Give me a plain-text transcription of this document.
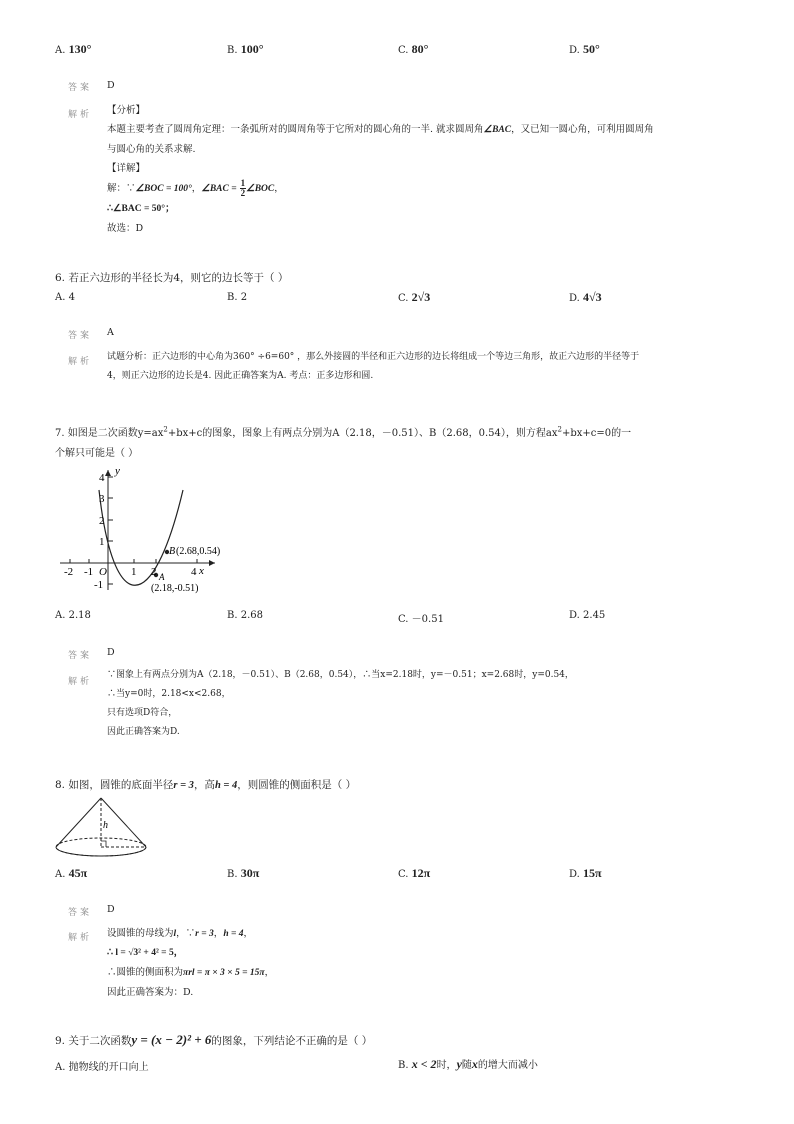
A. 130°	B. 100°	C. 80°	D. 50°
答案 D
解析 【分析】
本题主要考查了圆周角定理：一条弧所对的圆周角等于它所对的圆心角的一半. 就求圆周角∠BAC，又已知一圆心角，可利用圆周角
与圆心角的关系求解.
【详解】
解：∵∠BOC = 100°，∠BAC = $\frac{1}{2}$ ∠BOC，
∴∠BAC = 50°；
故选：D
6. 若正六边形的半径长为4，则它的边长等于（ ）
A. 4	B. 2	C. 2√3	D. 4√3
答案 A
解析 试题分析：正六边形的中心角为360° ÷6=60° ，那么外接圆的半径和正六边形的边长将组成一个等边三角形，故正六边形的半径等于
4，则正六边形的边长是4. 因此正确答案为A. 考点：正多边形和圆.
7. 如图是二次函数$y=ax^2+bx+c$的图象，图象上有两点分别为A（2.18，－0.51）、B（2.68，0.54），则方程$ax^2+bx+c=0$的一
个解只可能是（ ）
y
x
O
-2 -1	1 2	4
4
3
2
1
-1
B (2.68,0.54)
A
(2.18,-0.51)
A. 2.18	B. 2.68	C. －0.51	D. 2.45
答案 D
解析
∵图象上有两点分别为A（2.18，－0.51）、B（2.68，0.54），∴当x=2.18时，y=－0.51；x=2.68时，y=0.54，
∴当y=0时，2.18<x<2.68，
只有选项D符合，
因此正确答案为D.
8. 如图，圆锥的底面半径r = 3，高h = 4，则圆锥的侧面积是（ ）
h
A. 45π	B. 30π	C. 12π	D. 15π
答案 D
解析 设圆锥的母线为l，∵r = 3，h = 4，
∴ l = √3² + 4² = 5，
∴圆锥的侧面积为πrl = π × 3 × 5 = 15π，
因此正确答案为：D.
9. 关于二次函数y = (x − 2)² + 6的图象，下列结论不正确的是（ ）
A. 抛物线的开口向上	B. x < 2时，y随x的增大而减小
